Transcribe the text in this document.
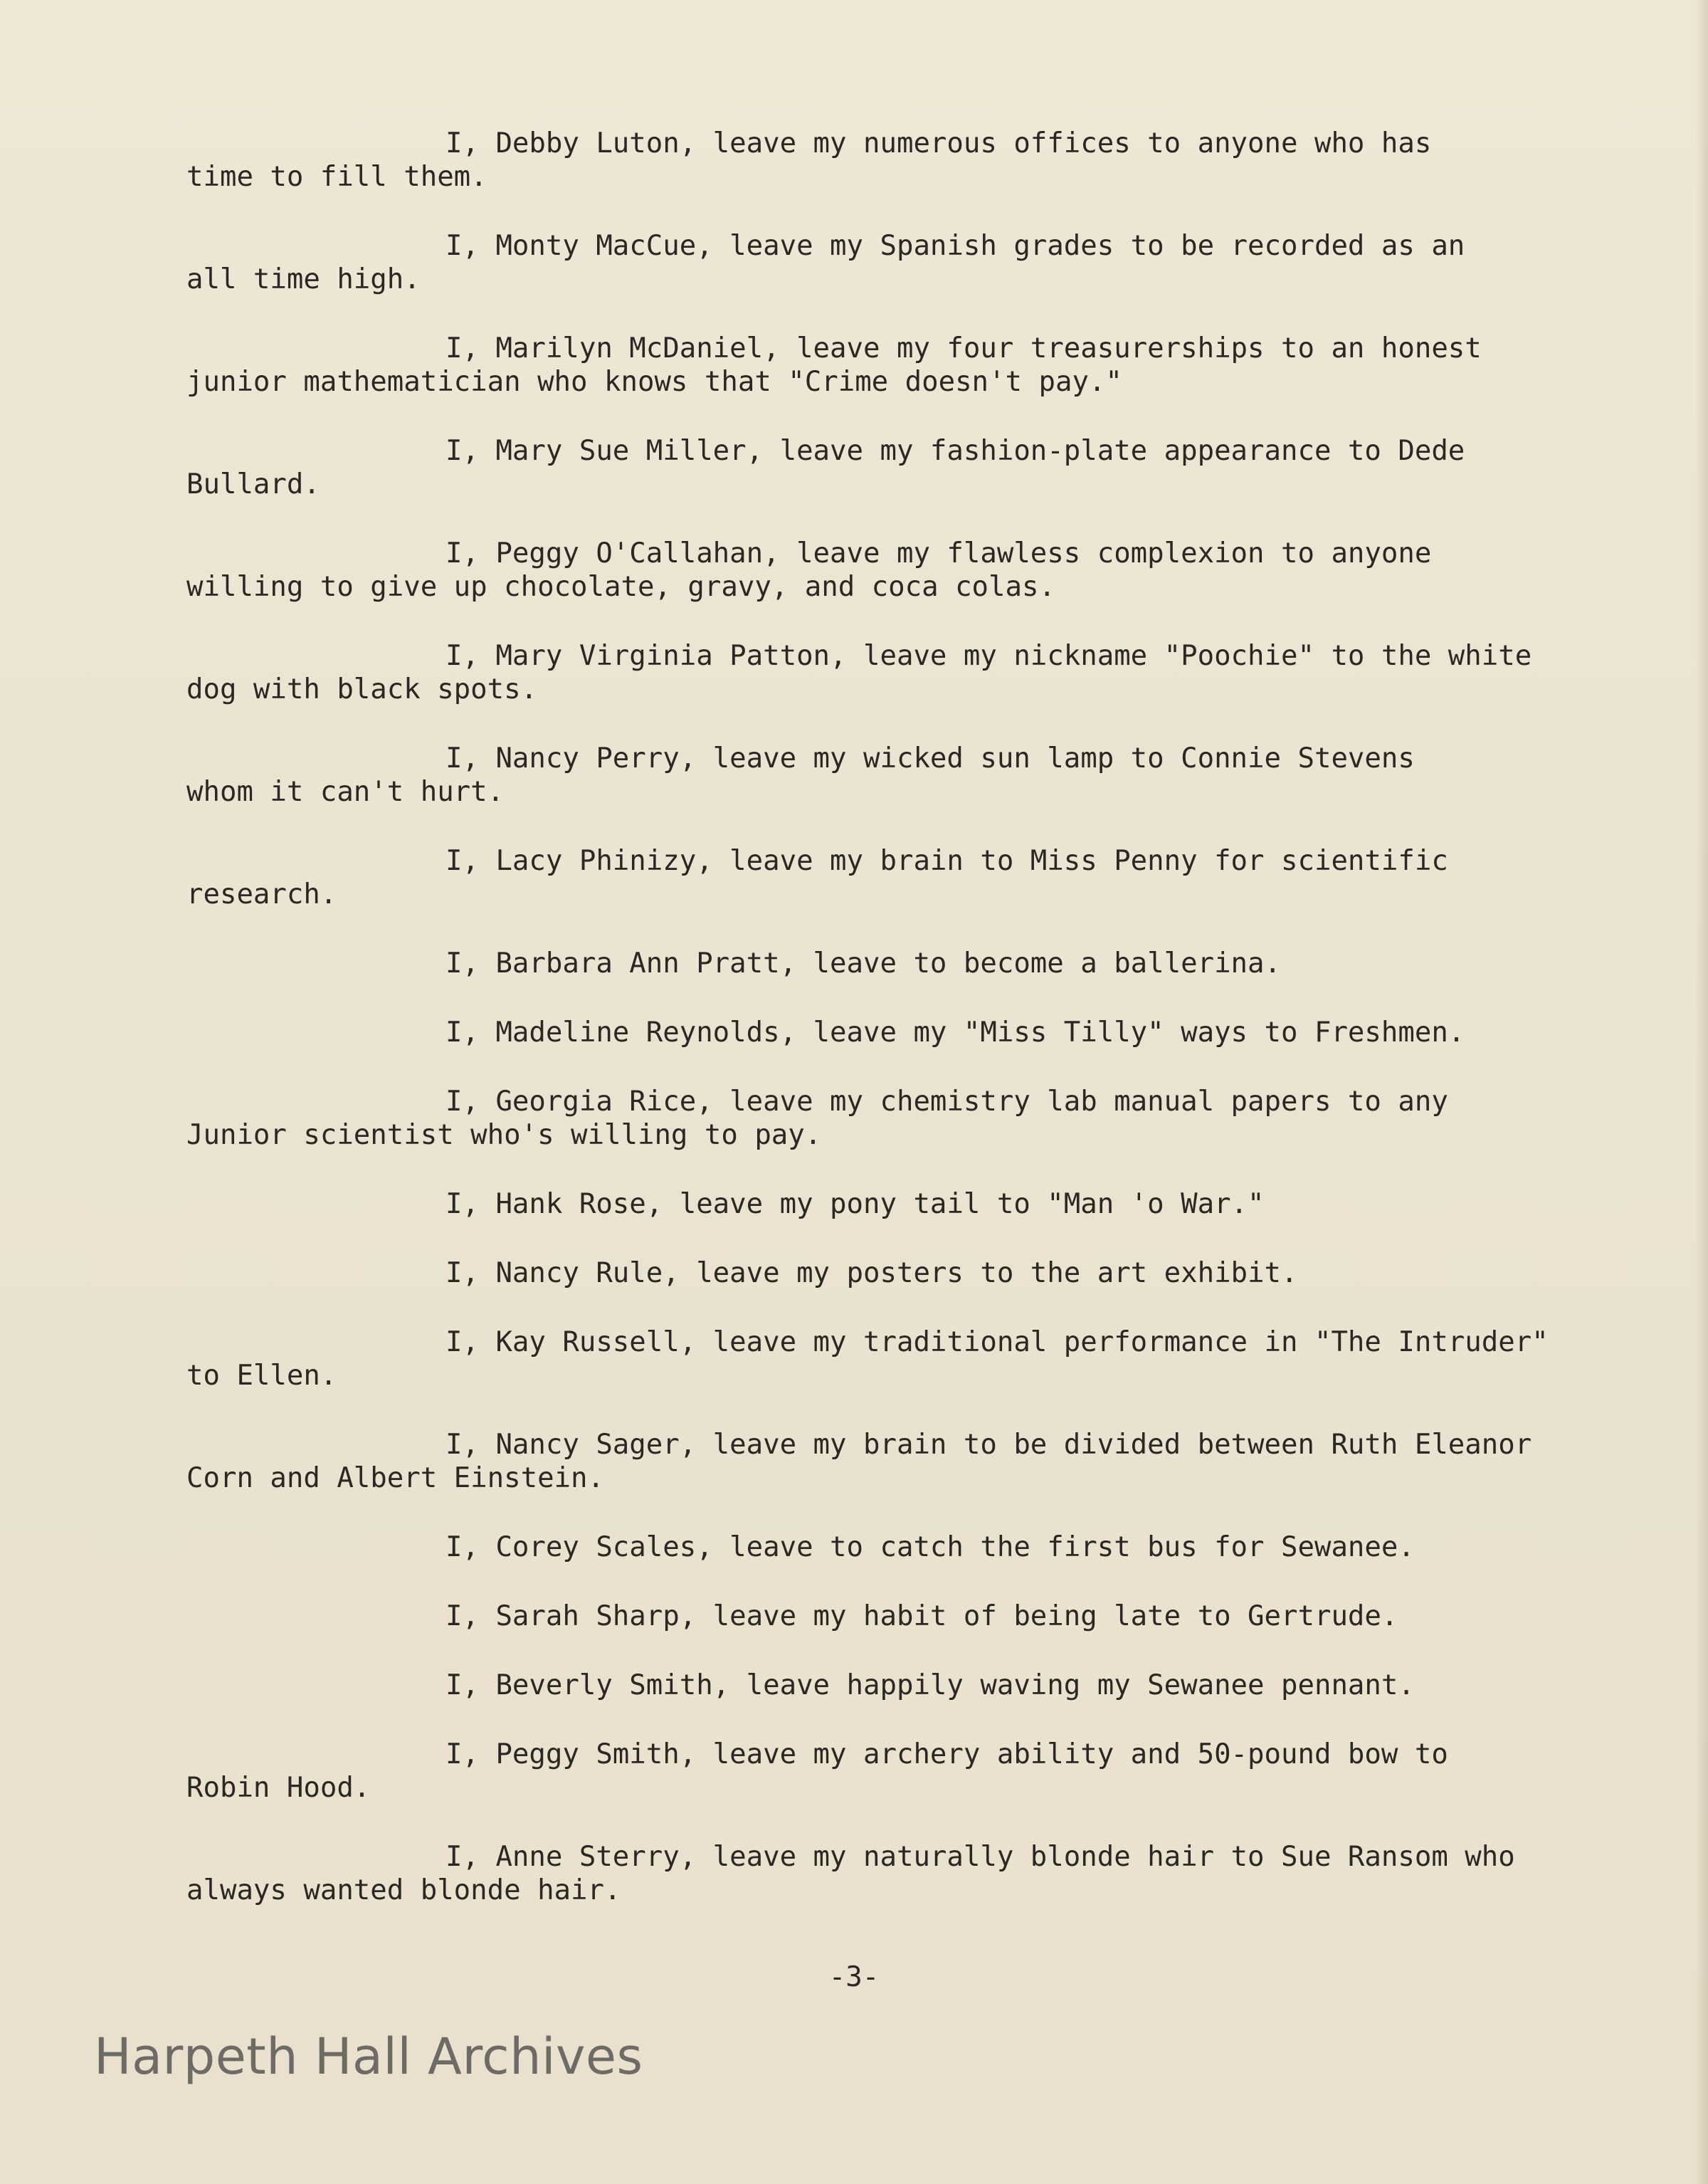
I, Debby Luton, leave my numerous offices to anyone who has
time to fill them.

I, Monty MacCue, leave my Spanish grades to be recorded as an
all time high.

I, Marilyn McDaniel, leave my four treasurerships to an honest
junior mathematician who knows that "Crime doesn't pay."

I, Mary Sue Miller, leave my fashion-plate appearance to Dede
Bullard.

I, Peggy O'Callahan, leave my flawless complexion to anyone
willing to give up chocolate, gravy, and coca colas.

I, Mary Virginia Patton, leave my nickname "Poochie" to the white
dog with black spots.

I, Nancy Perry, leave my wicked sun lamp to Connie Stevens
whom it can't hurt.

I, Lacy Phinizy, leave my brain to Miss Penny for scientific
research.

I, Barbara Ann Pratt, leave to become a ballerina.

I, Madeline Reynolds, leave my "Miss Tilly" ways to Freshmen.

I, Georgia Rice, leave my chemistry lab manual papers to any
Junior scientist who's willing to pay.

I, Hank Rose, leave my pony tail to "Man 'o War."

I, Nancy Rule, leave my posters to the art exhibit.

I, Kay Russell, leave my traditional performance in "The Intruder"
to Ellen.

I, Nancy Sager, leave my brain to be divided between Ruth Eleanor
Corn and Albert Einstein.

I, Corey Scales, leave to catch the first bus for Sewanee.

I, Sarah Sharp, leave my habit of being late to Gertrude.

I, Beverly Smith, leave happily waving my Sewanee pennant.

I, Peggy Smith, leave my archery ability and 50-pound bow to
Robin Hood.

I, Anne Sterry, leave my naturally blonde hair to Sue Ransom who
always wanted blonde hair.

-3-
Harpeth Hall Archives
